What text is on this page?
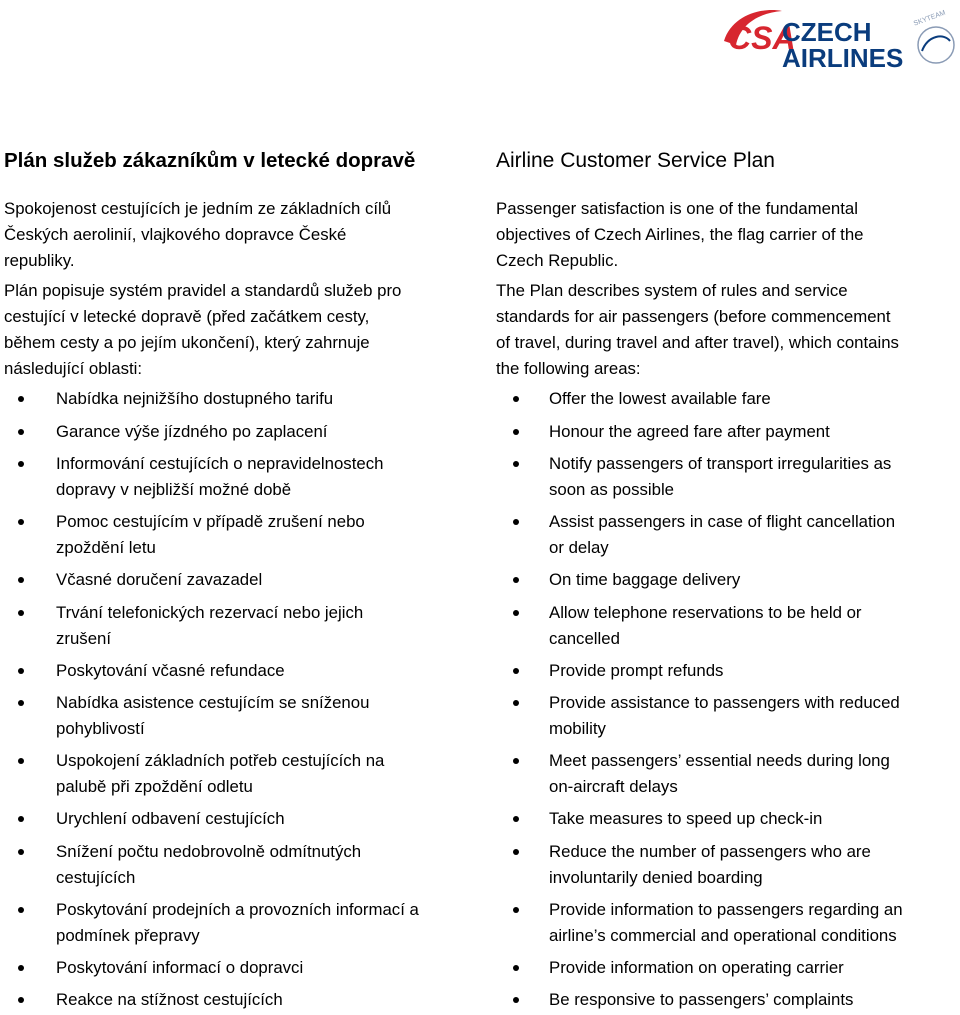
CSA
CZECH
AIRLINES
SKYTEAM
Plán služeb zákazníkům v letecké dopravě

Spokojenost cestujících je jedním ze základních cílů
Českých aerolinií, vlajkového dopravce České
republiky.

Plán popisuje systém pravidel a standardů služeb pro
cestující v letecké dopravě (před začátkem cesty,
během cesty a po jejím ukončení), který zahrnuje
následující oblasti:

Nabídka nejnižšího dostupného tarifu
Garance výše jízdného po zaplacení
Informování cestujících o nepravidelnostech
dopravy v nejbližší možné době
Pomoc cestujícím v případě zrušení nebo
zpoždění letu
Včasné doručení zavazadel
Trvání telefonických rezervací nebo jejich
zrušení
Poskytování včasné refundace
Nabídka asistence cestujícím se sníženou
pohyblivostí
Uspokojení základních potřeb cestujících na
palubě při zpoždění odletu
Urychlení odbavení cestujících
Snížení počtu nedobrovolně odmítnutých
cestujících
Poskytování prodejních a provozních informací a
podmínek přepravy
Poskytování informací o dopravci
Reakce na stížnost cestujících
Airline Customer Service Plan

Passenger satisfaction is one of the fundamental
objectives of Czech Airlines, the flag carrier of the
Czech Republic.

The Plan describes system of rules and service
standards for air passengers (before commencement
of travel, during travel and after travel), which contains
the following areas:

Offer the lowest available fare
Honour the agreed fare after payment
Notify passengers of transport irregularities as
soon as possible
Assist passengers in case of flight cancellation
or delay
On time baggage delivery
Allow telephone reservations to be held or
cancelled
Provide prompt refunds
Provide assistance to passengers with reduced
mobility
Meet passengers’ essential needs during long
on-aircraft delays
Take measures to speed up check-in
Reduce the number of passengers who are
involuntarily denied boarding
Provide information to passengers regarding an
airline’s commercial and operational conditions
Provide information on operating carrier
Be responsive to passengers’ complaints
